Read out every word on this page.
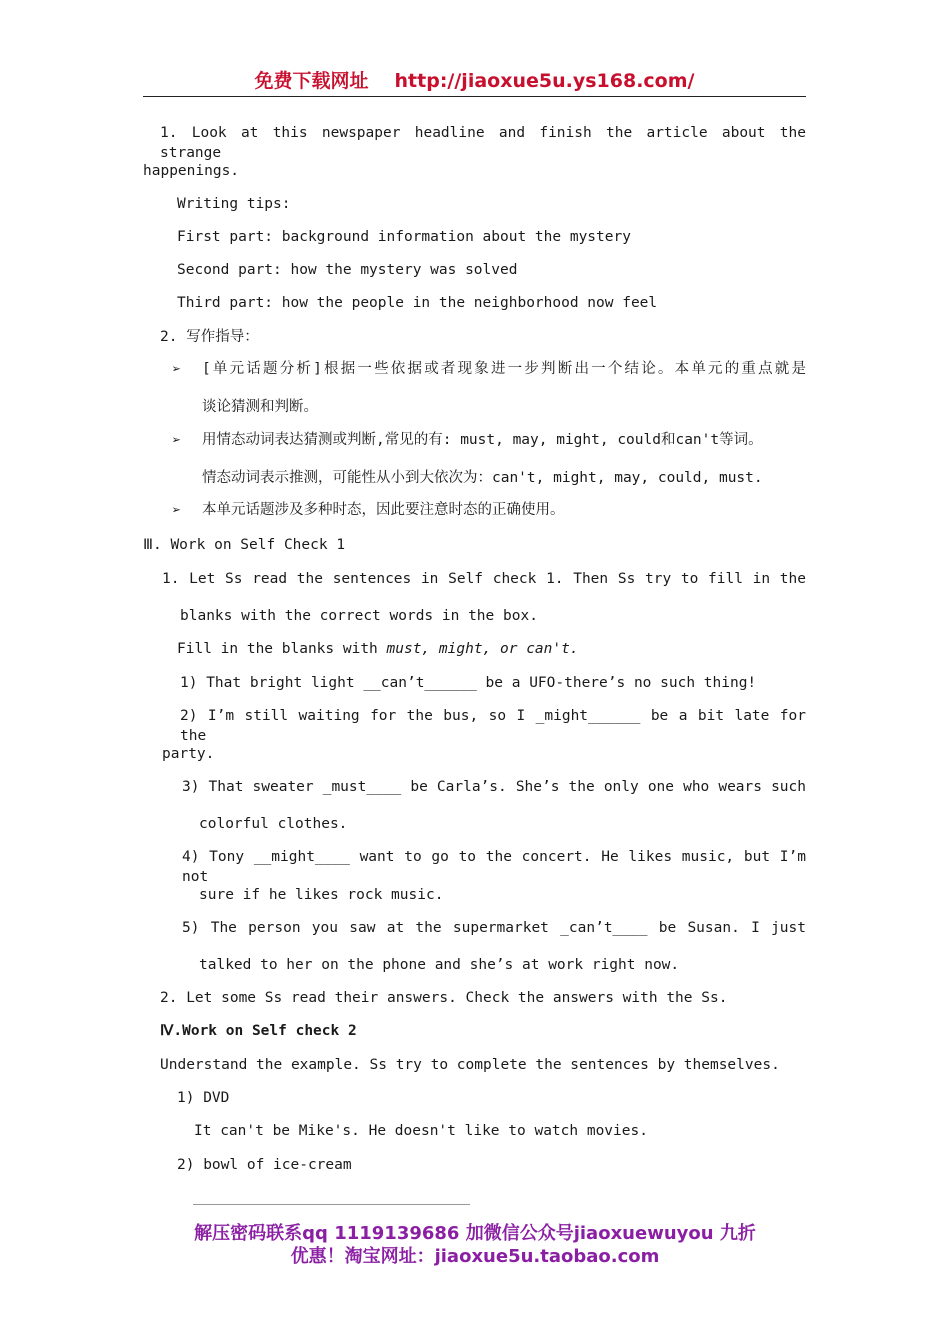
免费下载网址 http://jiaoxue5u.ys168.com/
1. Look at this newspaper headline and finish the article about the strange
happenings.
Writing tips:
First part: background information about the mystery
Second part: how the mystery was solved
Third part: how the people in the neighborhood now feel
2. 写作指导：
➢ [单元话题分析]根据一些依据或者现象进一步判断出一个结论。本单元的重点就是
谈论猜测和判断。
➢ 用情态动词表达猜测或判断,常见的有: must, may, might, could和can't等词。
情态动词表示推测，可能性从小到大依次为：can't, might, may, could, must.
➢ 本单元话题涉及多种时态，因此要注意时态的正确使用。
Ⅲ. Work on Self Check 1
1. Let Ss read the sentences in Self check 1. Then Ss try to fill in the
blanks with the correct words in the box.
Fill in the blanks with must, might, or can't.
1) That bright light __can’t______ be a UFO-there’s no such thing!
2) I’m still waiting for the bus, so I _might______ be a bit late for the
party.
3) That sweater _must____ be Carla’s. She’s the only one who wears such
colorful clothes.
4) Tony __might____ want to go to the concert. He likes music, but I’m not
sure if he likes rock music.
5) The person you saw at the supermarket _can’t____ be Susan. I just
talked to her on the phone and she’s at work right now.
2. Let some Ss read their answers. Check the answers with the Ss.
Ⅳ.Work on Self check 2
Understand the example. Ss try to complete the sentences by themselves.
1) DVD
It can't be Mike's. He doesn't like to watch movies.
2) bowl of ice-cream
解压密码联系qq 1119139686 加微信公众号jiaoxuewuyou 九折
优惠！淘宝网址：jiaoxue5u.taobao.com
